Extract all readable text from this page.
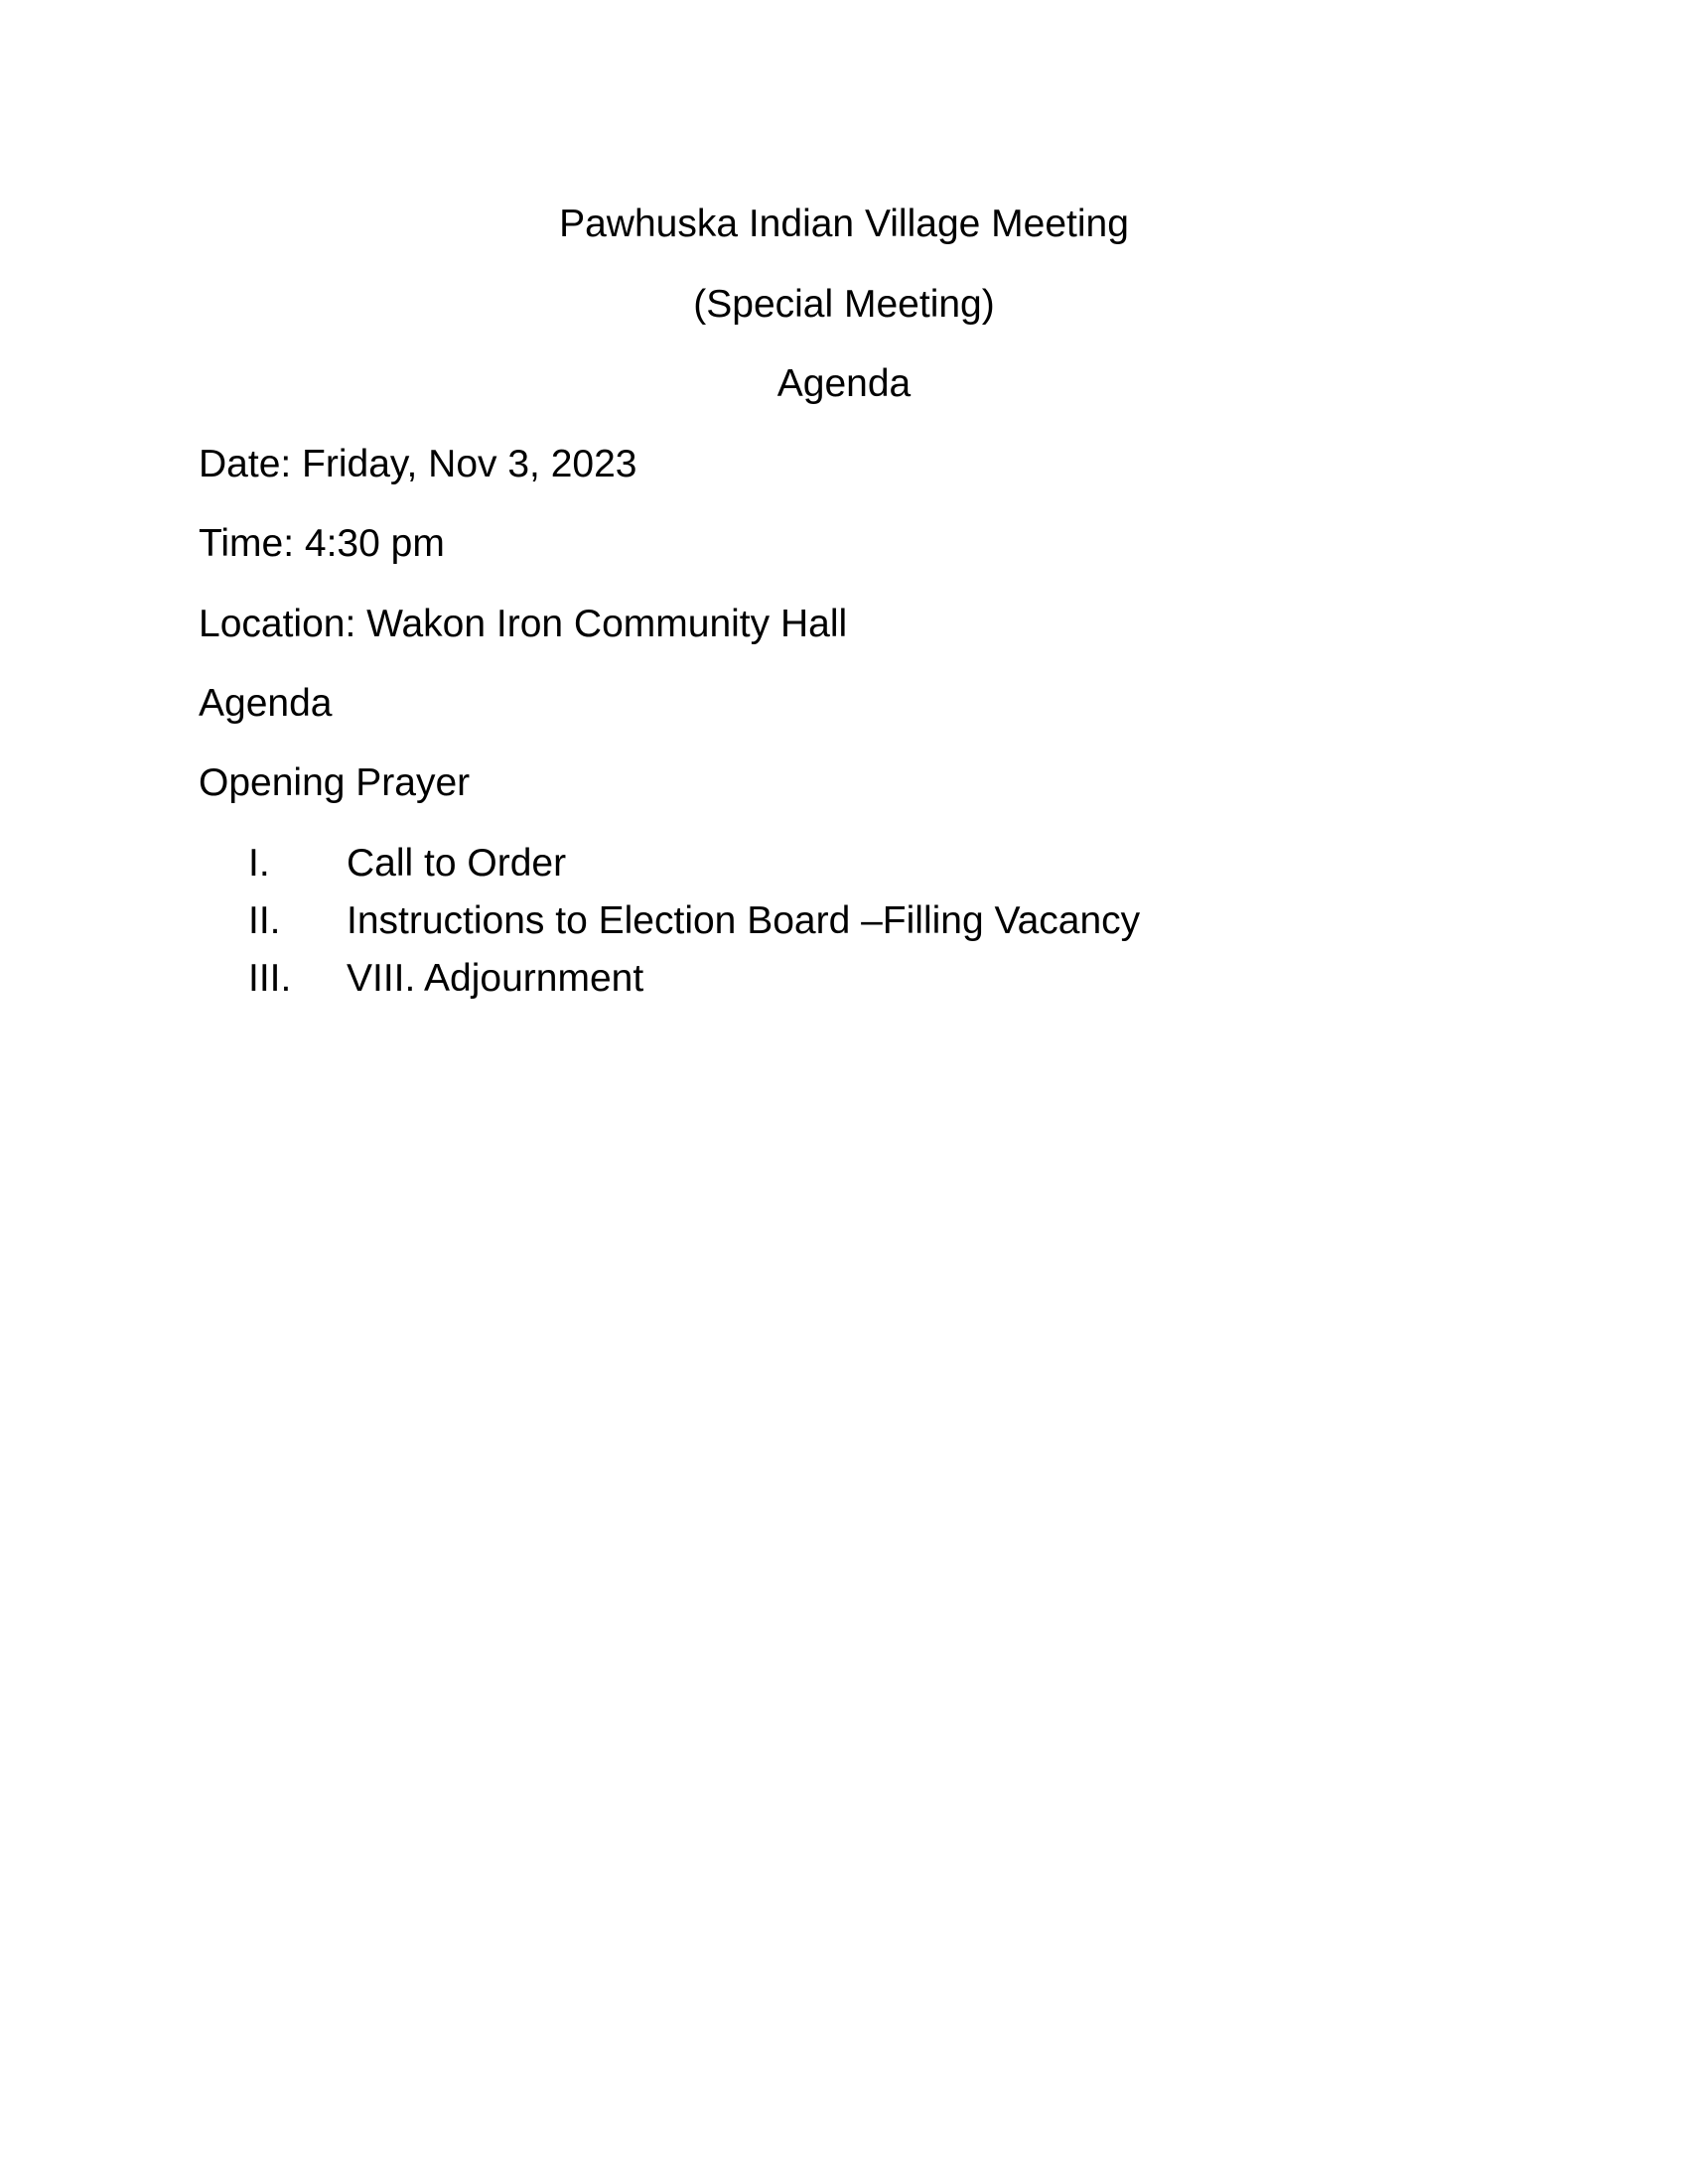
Pawhuska Indian Village Meeting
(Special Meeting)
Agenda
Date: Friday, Nov 3, 2023
Time: 4:30 pm
Location: Wakon Iron Community Hall
Agenda
Opening Prayer
I. Call to Order
II. Instructions to Election Board –Filling Vacancy
III. VIII. Adjournment
